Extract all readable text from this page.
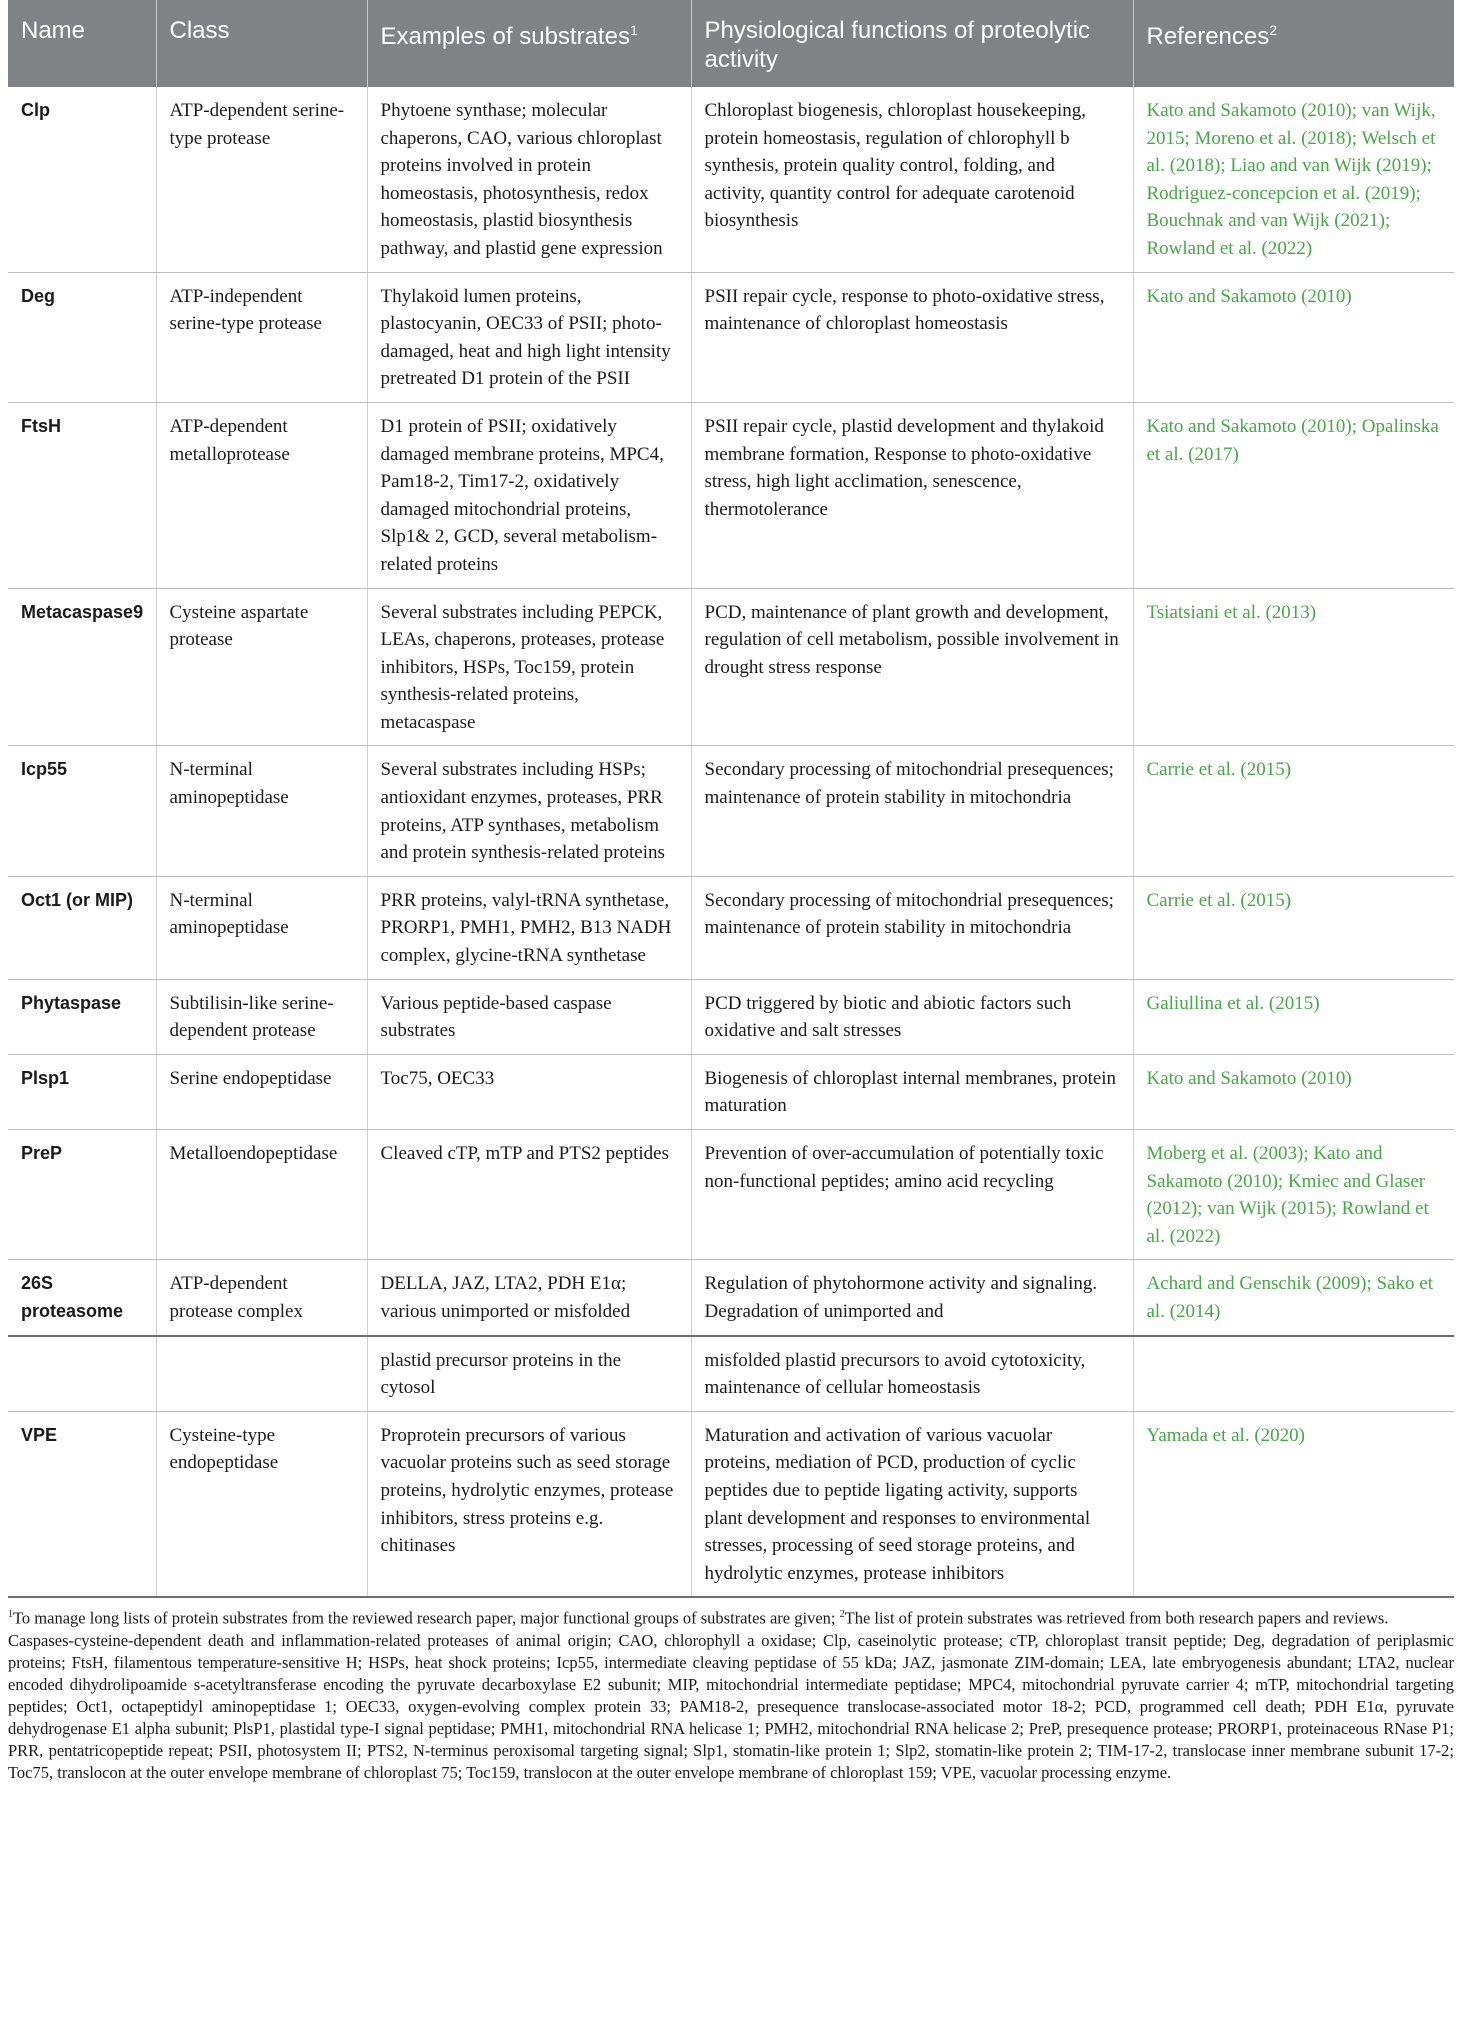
Name	Class	Examples of substrates$^1$	Physiological functions of proteolytic activity	References$^2$
Clp	ATP-dependent serine-type protease	Phytoene synthase; molecular chaperons, CAO, various chloroplast proteins involved in protein homeostasis, photosynthesis, redox homeostasis, plastid biosynthesis pathway, and plastid gene expression	Chloroplast biogenesis, chloroplast housekeeping, protein homeostasis, regulation of chlorophyll b synthesis, protein quality control, folding, and activity, quantity control for adequate carotenoid biosynthesis	Kato and Sakamoto (2010); van Wijk, 2015; Moreno et al. (2018); Welsch et al. (2018); Liao and van Wijk (2019); Rodriguez-concepcion et al. (2019); Bouchnak and van Wijk (2021); Rowland et al. (2022)
Deg	ATP-independent serine-type protease	Thylakoid lumen proteins, plastocyanin, OEC33 of PSII; photo-damaged, heat and high light intensity pretreated D1 protein of the PSII	PSII repair cycle, response to photo-oxidative stress, maintenance of chloroplast homeostasis	Kato and Sakamoto (2010)
FtsH	ATP-dependent metalloprotease	D1 protein of PSII; oxidatively damaged membrane proteins, MPC4, Pam18-2, Tim17-2, oxidatively damaged mitochondrial proteins, Slp1& 2, GCD, several metabolism-related proteins	PSII repair cycle, plastid development and thylakoid membrane formation, Response to photo-oxidative stress, high light acclimation, senescence, thermotolerance	Kato and Sakamoto (2010); Opalinska et al. (2017)
Metacaspase9	Cysteine aspartate protease	Several substrates including PEPCK, LEAs, chaperons, proteases, protease inhibitors, HSPs, Toc159, protein synthesis-related proteins, metacaspase	PCD, maintenance of plant growth and development, regulation of cell metabolism, possible involvement in drought stress response	Tsiatsiani et al. (2013)
Icp55	N-terminal aminopeptidase	Several substrates including HSPs; antioxidant enzymes, proteases, PRR proteins, ATP synthases, metabolism and protein synthesis-related proteins	Secondary processing of mitochondrial presequences; maintenance of protein stability in mitochondria	Carrie et al. (2015)
Oct1 (or MIP)	N-terminal aminopeptidase	PRR proteins, valyl-tRNA synthetase, PRORP1, PMH1, PMH2, B13 NADH complex, glycine-tRNA synthetase	Secondary processing of mitochondrial presequences; maintenance of protein stability in mitochondria	Carrie et al. (2015)
Phytaspase	Subtilisin-like serine-dependent protease	Various peptide-based caspase substrates	PCD triggered by biotic and abiotic factors such oxidative and salt stresses	Galiullina et al. (2015)
Plsp1	Serine endopeptidase	Toc75, OEC33	Biogenesis of chloroplast internal membranes, protein maturation	Kato and Sakamoto (2010)
PreP	Metalloendopeptidase	Cleaved cTP, mTP and PTS2 peptides	Prevention of over-accumulation of potentially toxic non-functional peptides; amino acid recycling	Moberg et al. (2003); Kato and Sakamoto (2010); Kmiec and Glaser (2012); van Wijk (2015); Rowland et al. (2022)
26S proteasome	ATP-dependent protease complex	DELLA, JAZ, LTA2, PDH E1α; various unimported or misfolded	Regulation of phytohormone activity and signaling. Degradation of unimported and	Achard and Genschik (2009); Sako et al. (2014)
		plastid precursor proteins in the cytosol	misfolded plastid precursors to avoid cytotoxicity, maintenance of cellular homeostasis	
VPE	Cysteine-type endopeptidase	Proprotein precursors of various vacuolar proteins such as seed storage proteins, hydrolytic enzymes, protease inhibitors, stress proteins e.g. chitinases	Maturation and activation of various vacuolar proteins, mediation of PCD, production of cyclic peptides due to peptide ligating activity, supports plant development and responses to environmental stresses, processing of seed storage proteins, and hydrolytic enzymes, protease inhibitors	Yamada et al. (2020)

$^1$To manage long lists of protein substrates from the reviewed research paper, major functional groups of substrates are given; $^2$The list of protein substrates was retrieved from both research papers and reviews.

Caspases-cysteine-dependent death and inflammation-related proteases of animal origin; CAO, chlorophyll a oxidase; Clp, caseinolytic protease; cTP, chloroplast transit peptide; Deg, degradation of periplasmic proteins; FtsH, filamentous temperature-sensitive H; HSPs, heat shock proteins; Icp55, intermediate cleaving peptidase of 55 kDa; JAZ, jasmonate ZIM-domain; LEA, late embryogenesis abundant; LTA2, nuclear encoded dihydrolipoamide s-acetyltransferase encoding the pyruvate decarboxylase E2 subunit; MIP, mitochondrial intermediate peptidase; MPC4, mitochondrial pyruvate carrier 4; mTP, mitochondrial targeting peptides; Oct1, octapeptidyl aminopeptidase 1; OEC33, oxygen-evolving complex protein 33; PAM18-2, presequence translocase-associated motor 18-2; PCD, programmed cell death; PDH E1α, pyruvate dehydrogenase E1 alpha subunit; PlsP1, plastidal type-I signal peptidase; PMH1, mitochondrial RNA helicase 1; PMH2, mitochondrial RNA helicase 2; PreP, presequence protease; PRORP1, proteinaceous RNase P1; PRR, pentatricopeptide repeat; PSII, photosystem II; PTS2, N-terminus peroxisomal targeting signal; Slp1, stomatin-like protein 1; Slp2, stomatin-like protein 2; TIM-17-2, translocase inner membrane subunit 17-2; Toc75, translocon at the outer envelope membrane of chloroplast 75; Toc159, translocon at the outer envelope membrane of chloroplast 159; VPE, vacuolar processing enzyme.
